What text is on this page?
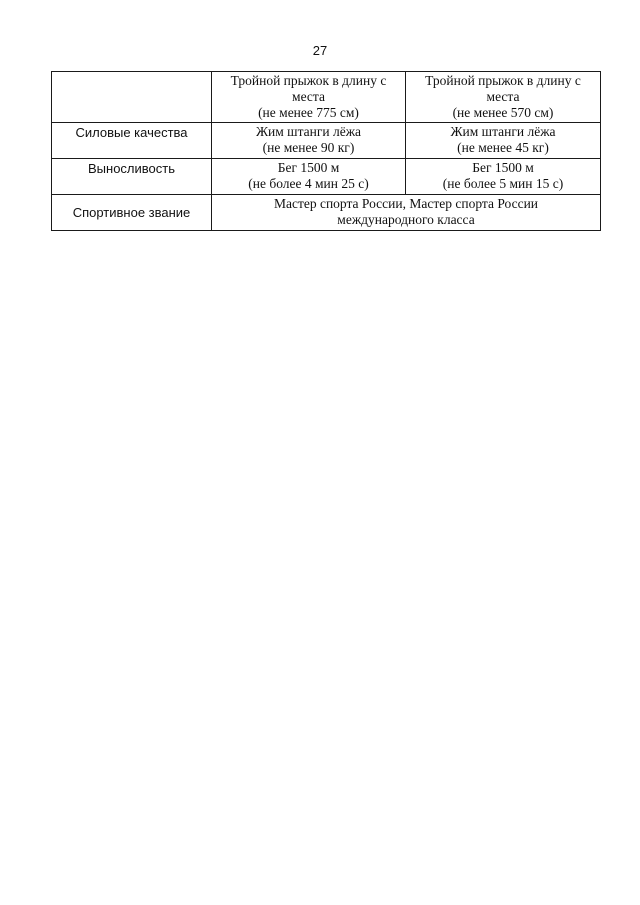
27

	Тройной прыжок в длину с
места
(не менее 775 см)	Тройной прыжок в длину с
места
(не менее 570 см)

Силовые качества	Жим штанги лёжа
(не менее 90 кг)	Жим штанги лёжа
(не менее 45 кг)

Выносливость	Бег 1500 м
(не более 4 мин 25 с)	Бег 1500 м
(не более 5 мин 15 с)

Спортивное звание	Мастер спорта России, Мастер спорта России
международного класса	
